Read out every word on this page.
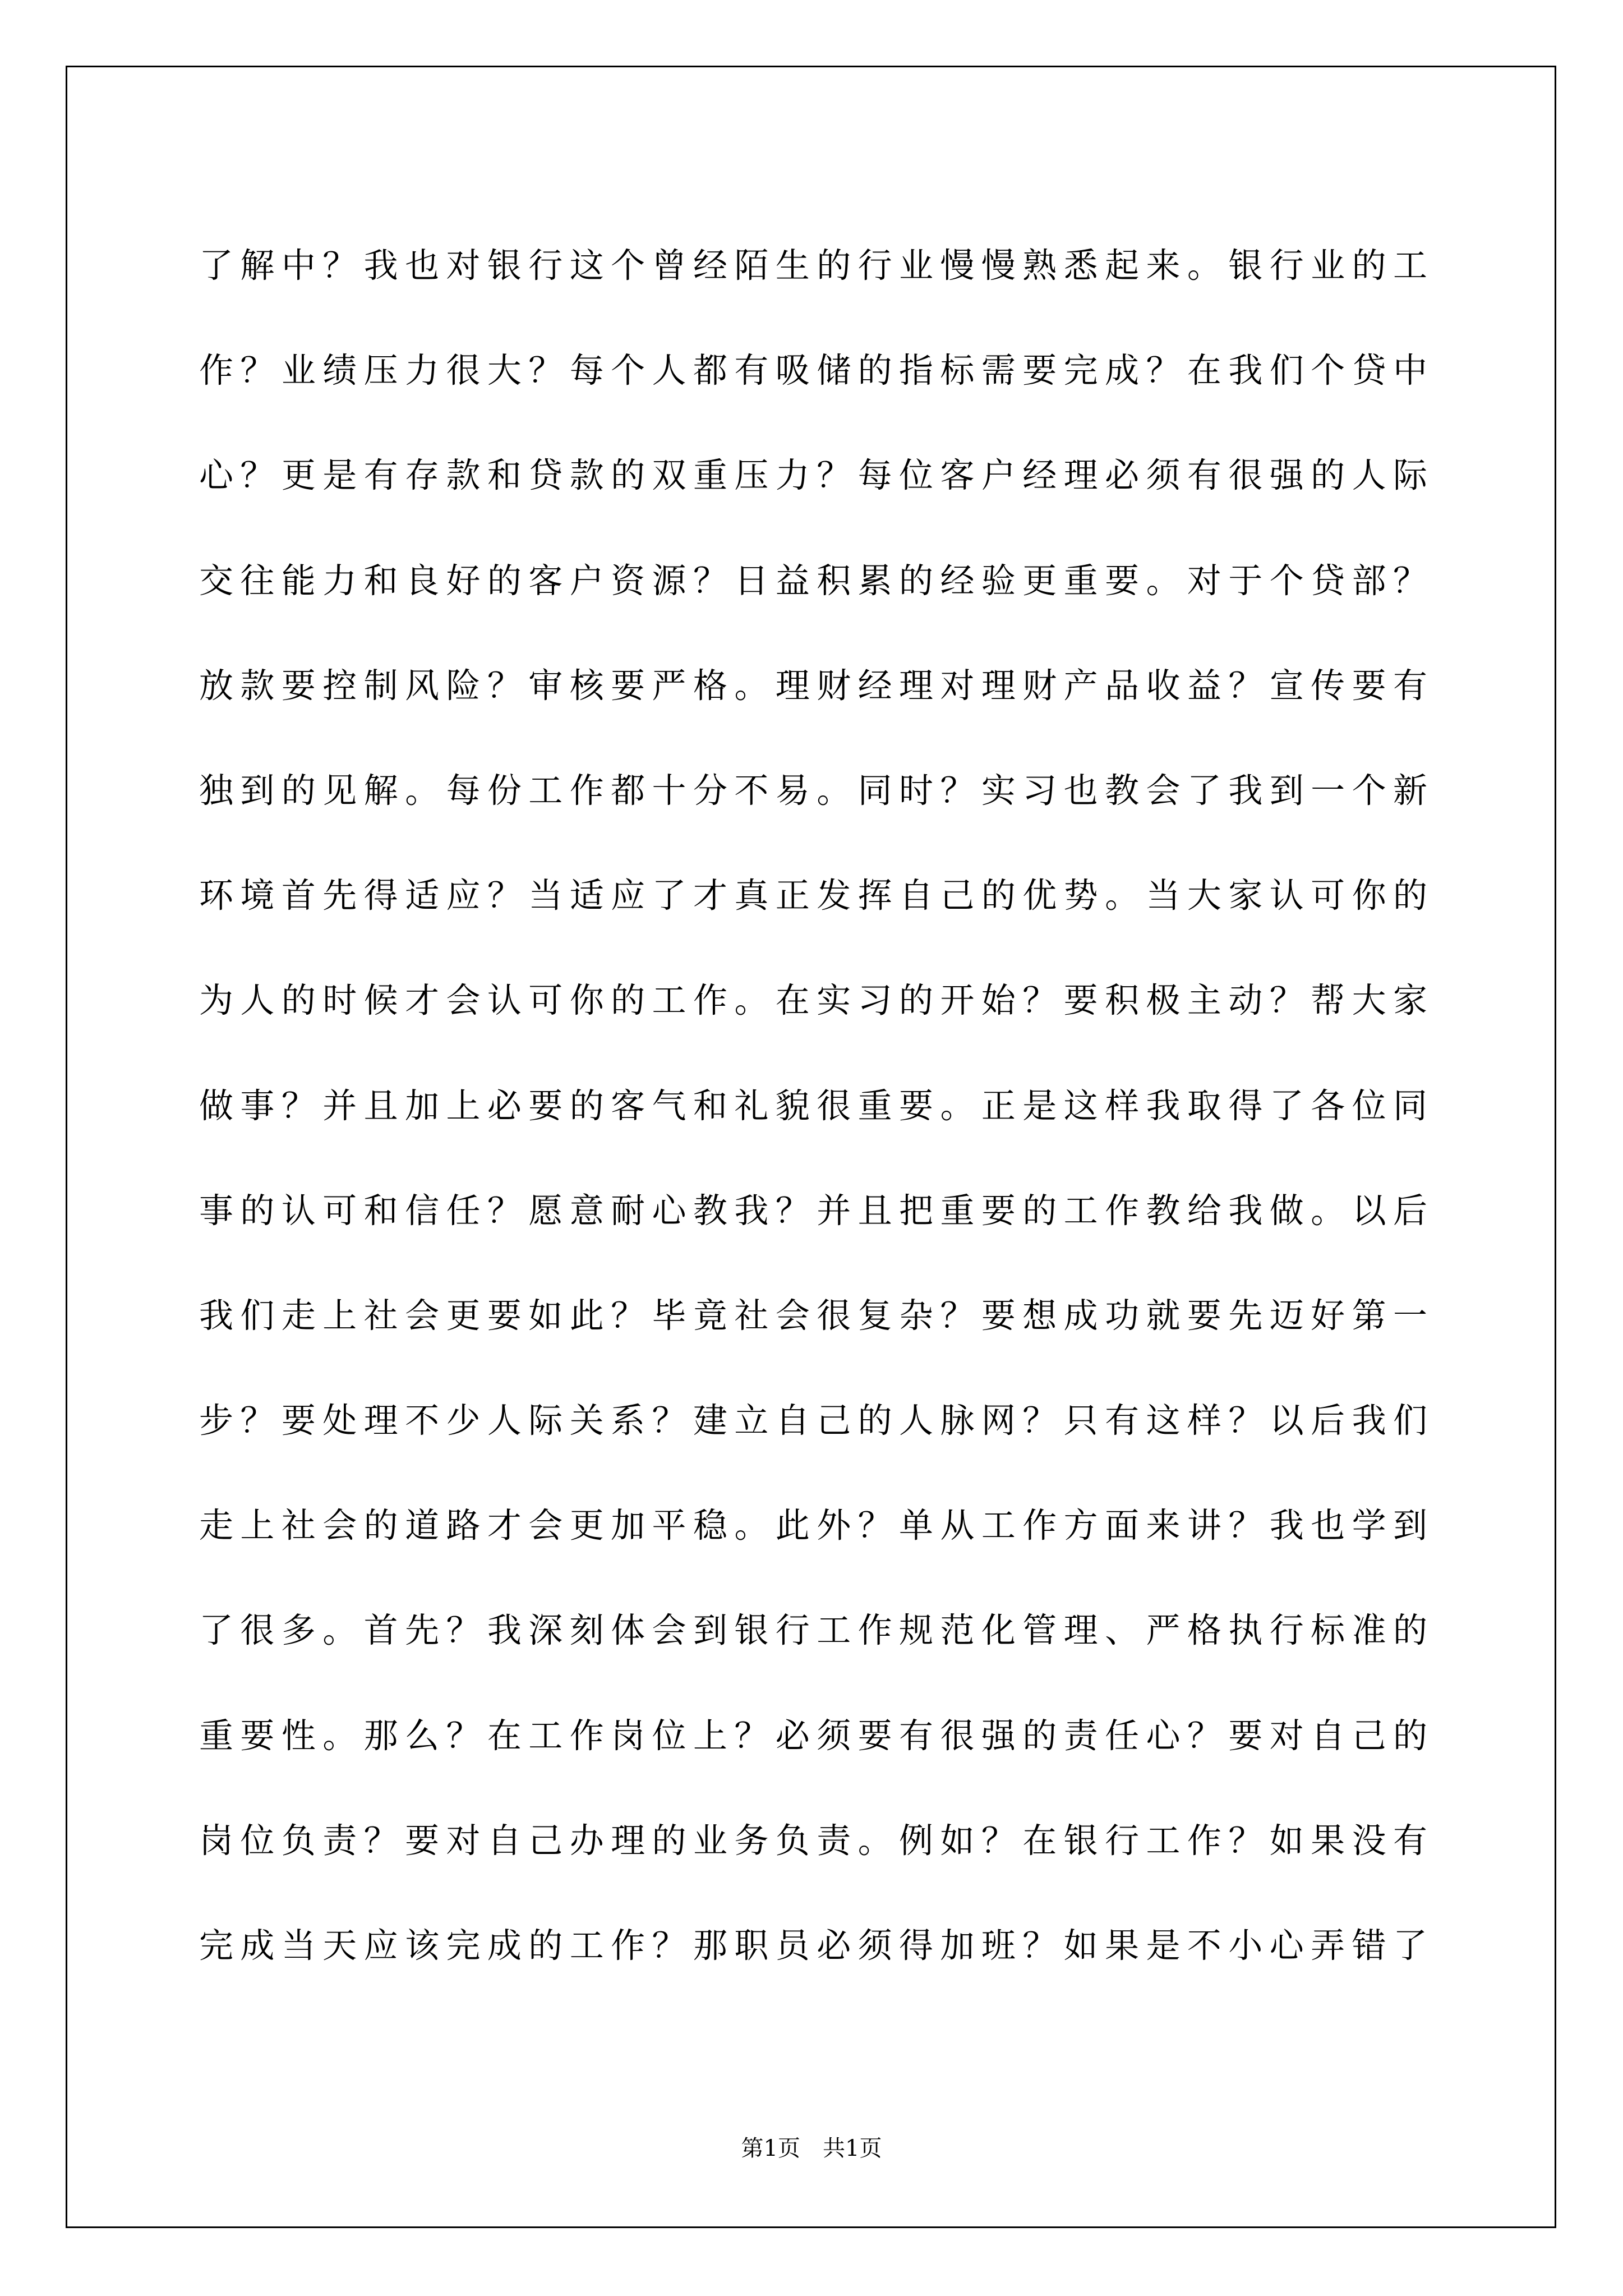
了解中？我也对银行这个曾经陌生的行业慢慢熟悉起来。银行业的工
作？业绩压力很大？每个人都有吸储的指标需要完成？在我们个贷中
心？更是有存款和贷款的双重压力？每位客户经理必须有很强的人际
交往能力和良好的客户资源？日益积累的经验更重要。对于个贷部？
放款要控制风险？审核要严格。理财经理对理财产品收益？宣传要有
独到的见解。每份工作都十分不易。同时？实习也教会了我到一个新
环境首先得适应？当适应了才真正发挥自己的优势。当大家认可你的
为人的时候才会认可你的工作。在实习的开始？要积极主动？帮大家
做事？并且加上必要的客气和礼貌很重要。正是这样我取得了各位同
事的认可和信任？愿意耐心教我？并且把重要的工作教给我做。以后
我们走上社会更要如此？毕竟社会很复杂？要想成功就要先迈好第一
步？要处理不少人际关系？建立自己的人脉网？只有这样？以后我们
走上社会的道路才会更加平稳。此外？单从工作方面来讲？我也学到
了很多。首先？我深刻体会到银行工作规范化管理、严格执行标准的
重要性。那么？在工作岗位上？必须要有很强的责任心？要对自己的
岗位负责？要对自己办理的业务负责。例如？在银行工作？如果没有
完成当天应该完成的工作？那职员必须得加班？如果是不小心弄错了
第1页　共1页
